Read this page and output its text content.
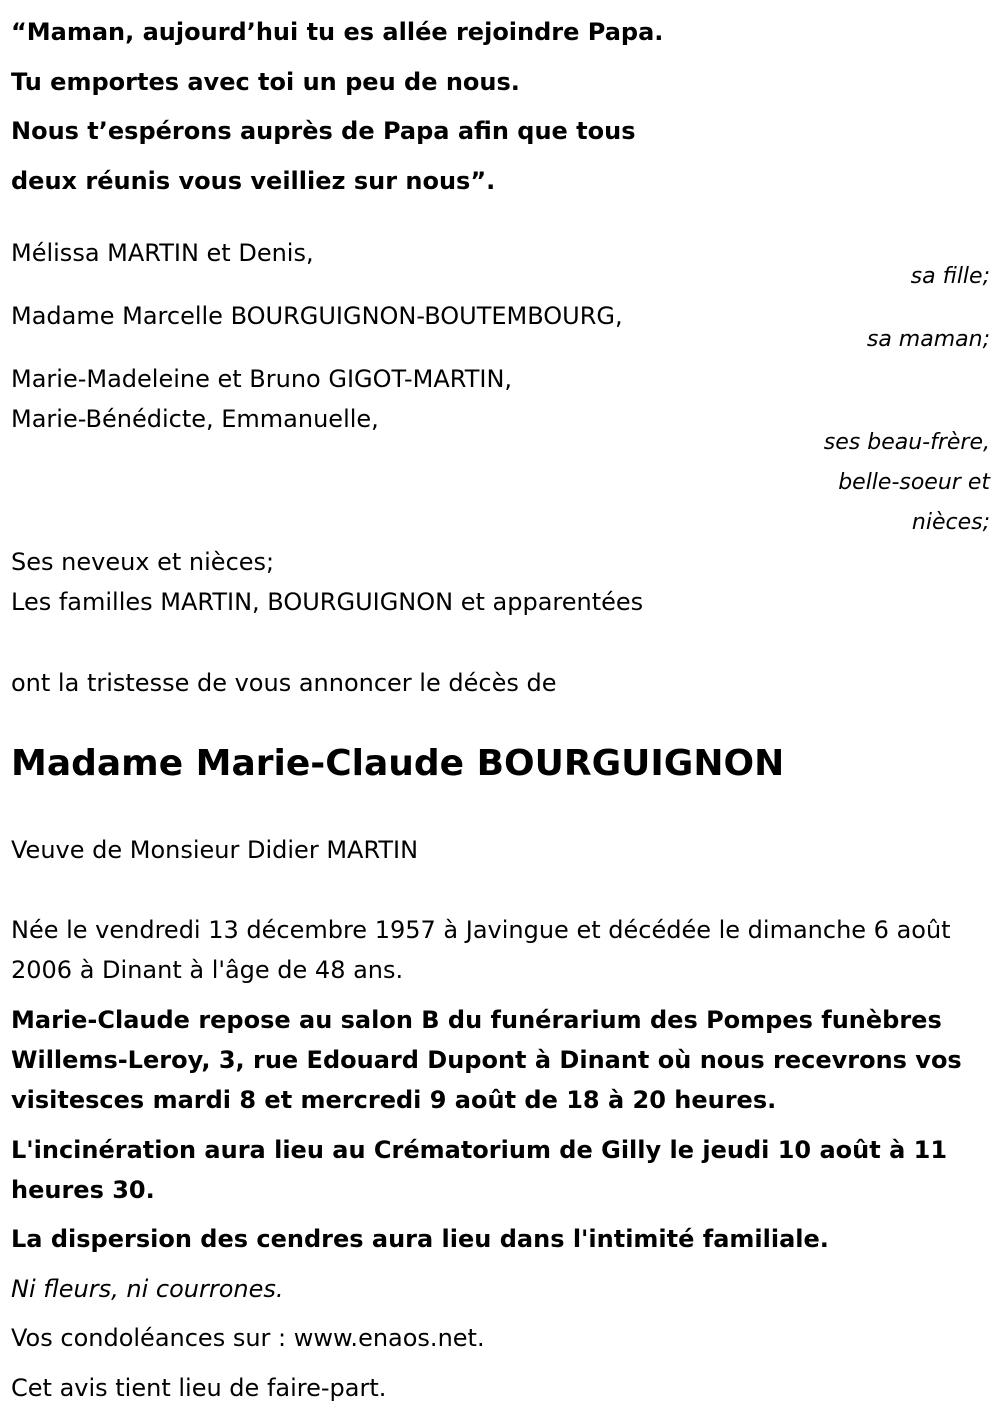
“Maman, aujourd’hui tu es allée rejoindre Papa.
Tu emportes avec toi un peu de nous.
Nous t’espérons auprès de Papa afin que tous
deux réunis vous veilliez sur nous”.
Mélissa MARTIN et Denis,
sa fille;
Madame Marcelle BOURGUIGNON-BOUTEMBOURG,
sa maman;
Marie-Madeleine et Bruno GIGOT-MARTIN,
Marie-Bénédicte, Emmanuelle,
ses beau-frère,
belle-soeur et
nièces;
Ses neveux et nièces;
Les familles MARTIN, BOURGUIGNON et apparentées
ont la tristesse de vous annoncer le décès de
Madame Marie-Claude BOURGUIGNON
Veuve de Monsieur Didier MARTIN
Née le vendredi 13 décembre 1957 à Javingue et décédée le dimanche 6 août 2006 à Dinant à l'âge de 48 ans.
Marie-Claude repose au salon B du funérarium des Pompes funèbres Willems-Leroy, 3, rue Edouard Dupont à Dinant où nous recevrons vos visitesces mardi 8 et mercredi 9 août de 18 à 20 heures.
L'incinération aura lieu au Crématorium de Gilly le jeudi 10 août à 11 heures 30.
La dispersion des cendres aura lieu dans l'intimité familiale.
Ni fleurs, ni courrones.
Vos condoléances sur : www.enaos.net.
Cet avis tient lieu de faire-part.
